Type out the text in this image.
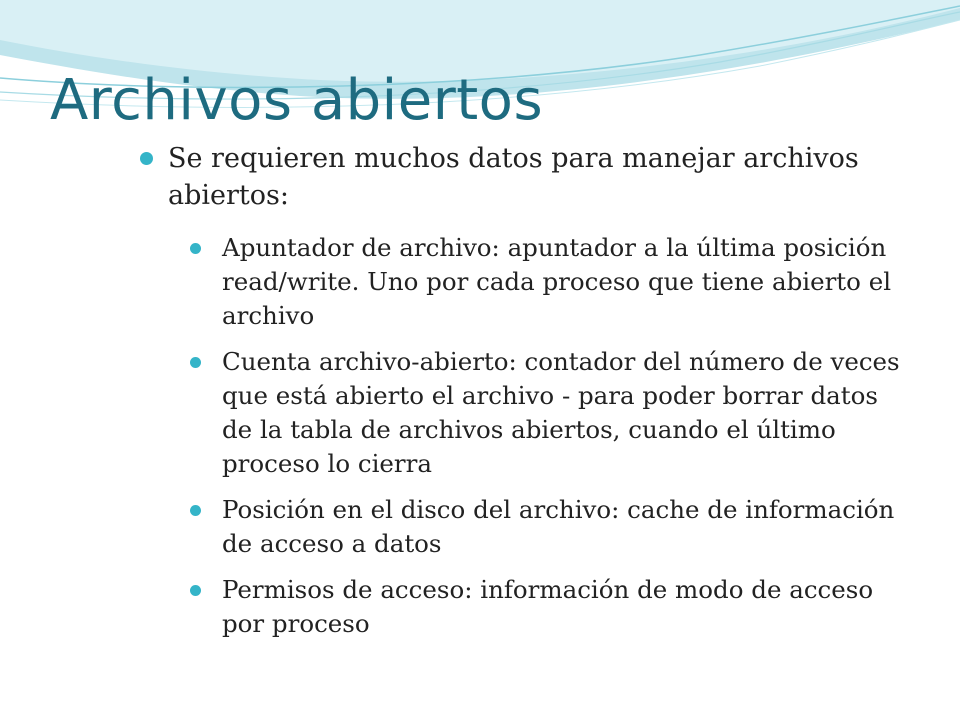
Archivos abiertos
Se requieren muchos datos para manejar archivos abiertos:
Apuntador de archivo: apuntador a la última posición read/write. Uno por cada proceso que tiene abierto el archivo
Cuenta archivo-abierto: contador del número de veces que está abierto el archivo - para poder borrar datos de la tabla de archivos abiertos, cuando el último proceso lo cierra
Posición en el disco del archivo: cache de información de acceso a datos
Permisos de acceso: información de modo de acceso por proceso
